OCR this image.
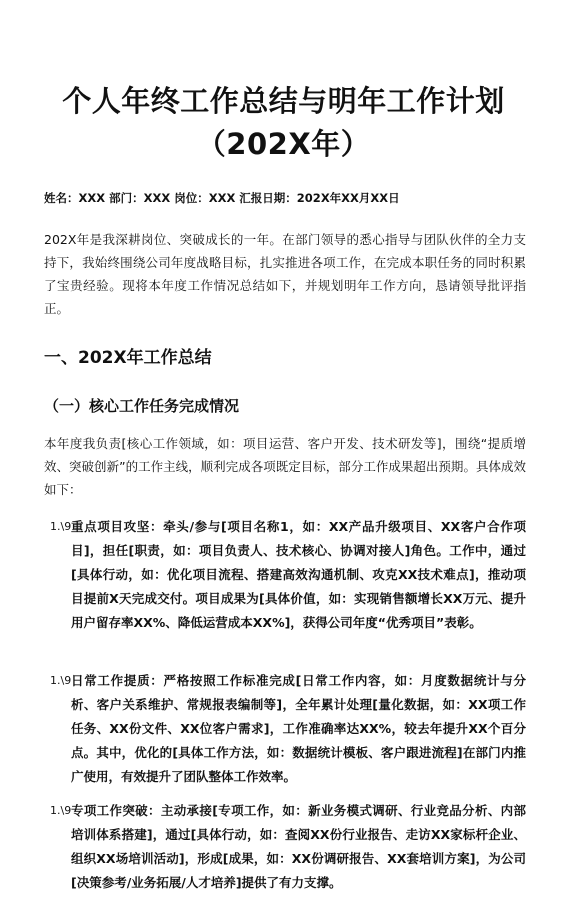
个人年终工作总结与明年工作计划
（202X年）
姓名：XXX 部门：XXX 岗位：XXX 汇报日期：202X年XX月XX日

202X年是我深耕岗位、突破成长的一年。在部门领导的悉心指导与团队伙伴的全力支持下，我始终围绕公司年度战略目标，扎实推进各项工作，在完成本职任务的同时积累了宝贵经验。现将本年度工作情况总结如下，并规划明年工作方向，恳请领导批评指正。

一、202X年工作总结
（一）核心工作任务完成情况

本年度我负责[核心工作领域，如：项目运营、客户开发、技术研发等]，围绕“提质增效、突破创新”的工作主线，顺利完成各项既定目标，部分工作成果超出预期。具体成效如下：

1.\9 重点项目攻坚：牵头/参与[项目名称1，如：XX产品升级项目、XX客户合作项目]，担任[职责，如：项目负责人、技术核心、协调对接人]角色。工作中，通过[具体行动，如：优化项目流程、搭建高效沟通机制、攻克XX技术难点]，推动项目提前X天完成交付。项目成果为[具体价值，如：实现销售额增长XX万元、提升用户留存率XX%、降低运营成本XX%]，获得公司年度“优秀项目”表彰。
1.\9 日常工作提质：严格按照工作标准完成[日常工作内容，如：月度数据统计与分析、客户关系维护、常规报表编制等]，全年累计处理[量化数据，如：XX项工作任务、XX份文件、XX位客户需求]，工作准确率达XX%，较去年提升XX个百分点。其中，优化的[具体工作方法，如：数据统计模板、客户跟进流程]在部门内推广使用，有效提升了团队整体工作效率。
1.\9 专项工作突破：主动承接[专项工作，如：新业务模式调研、行业竞品分析、内部培训体系搭建]，通过[具体行动，如：查阅XX份行业报告、走访XX家标杆企业、组织XX场培训活动]，形成[成果，如：XX份调研报告、XX套培训方案]，为公司[决策参考/业务拓展/人才培养]提供了有力支撑。
